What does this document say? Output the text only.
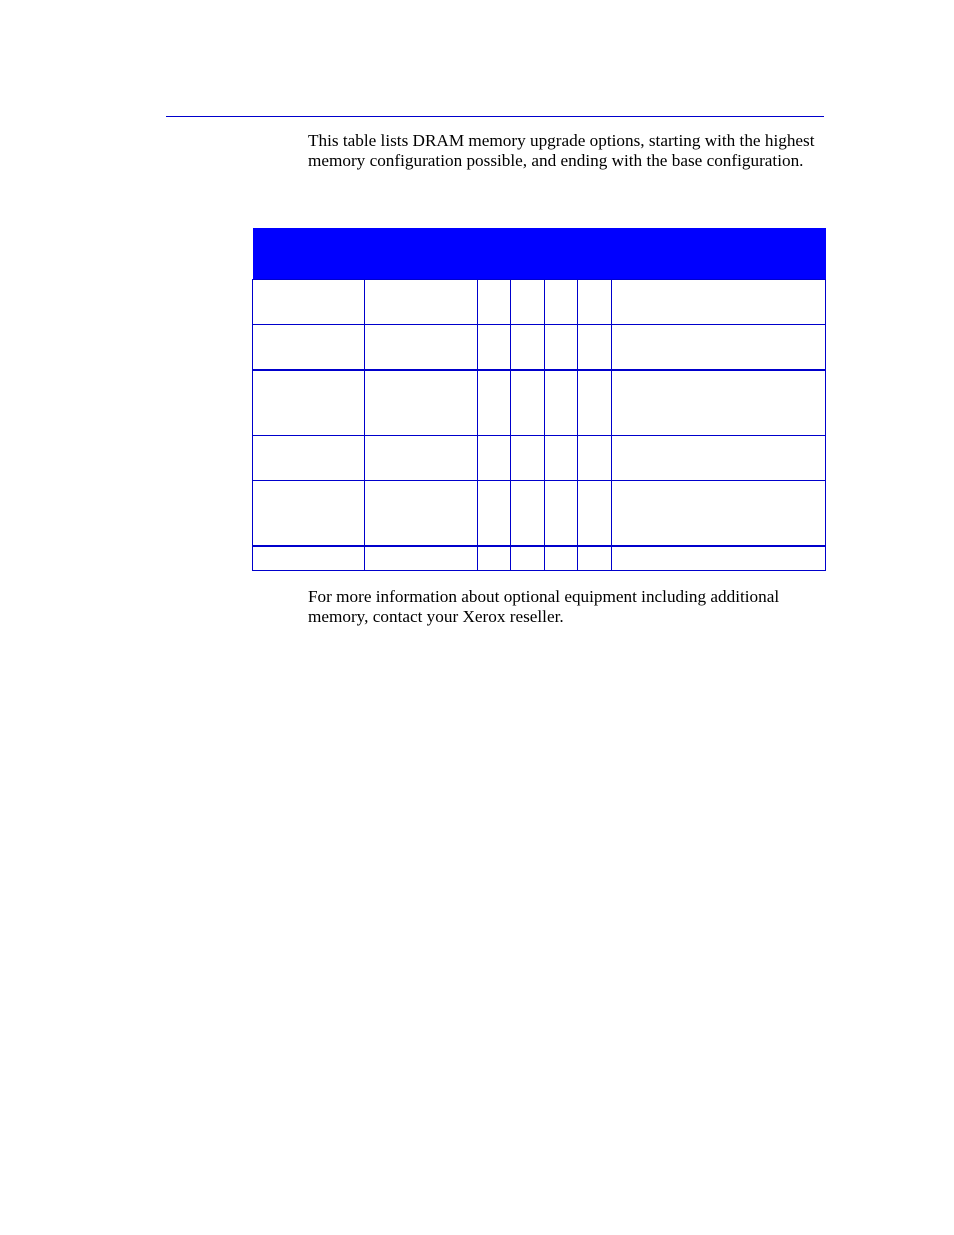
This table lists DRAM memory upgrade options, starting with the highest memory configuration possible, and ending with the base configuration.

For more information about optional equipment including additional memory, contact your Xerox reseller.
